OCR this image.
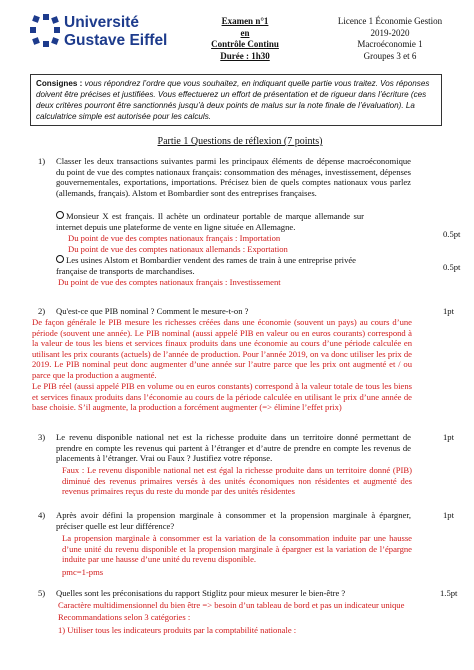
Université
Gustave Eiffel
Examen n°1
en
Contrôle Continu
Durée : 1h30
Licence 1 Économie Gestion
2019-2020
Macroéconomie 1
Groupes 3 et 6
Consignes : vous répondrez l’ordre que vous souhaitez, en indiquant quelle partie vous traitez. Vos réponses doivent être précises et justifiées. Vous effectuerez un effort de présentation et de rigueur dans l’écriture (ces deux critères pourront être sanctionnés jusqu’à deux points de malus sur la note finale de l’évaluation). La calculatrice simple est autorisée pour les calculs.
Partie 1 Questions de réflexion (7 points)
1) Classer les deux transactions suivantes parmi les principaux éléments de dépense macroéconomique du point de vue des comptes nationaux français: consommation des ménages, investissement, dépenses gouvernementales, exportations, importations. Précisez bien de quels comptes nationaux vous parlez (allemands, français). Alstom et Bombardier sont des entreprises françaises.
Monsieur X est français. Il achète un ordinateur portable de marque allemande sur internet depuis une plateforme de vente en ligne située en Allemagne.
0.5pt
Du point de vue des comptes nationaux français : Importation
Du point de vue des comptes nationaux allemands : Exportation
Les usines Alstom et Bombardier vendent des rames de train à une entreprise privée française de transports de marchandises.	0.5pt
Du point de vue des comptes nationaux français : Investissement
2) Qu'est-ce que PIB nominal ? Comment le mesure-t-on ?	1pt
De façon générale le PIB mesure les richesses créées dans une économie (souvent un pays) au cours d’une période (souvent une année). Le PIB nominal (aussi appelé PIB en valeur ou en euros courants) correspond à la valeur de tous les biens et services finaux produits dans une économie au cours d’une période calculée en utilisant les prix courants (actuels) de l’année de production. Pour l’année 2019, on va donc utiliser les prix de 2019. Le PIB nominal peut donc augmenter d’une année sur l’autre parce que les prix ont augmenté et / ou parce que la production a augmenté.
Le PIB réel (aussi appelé PIB en volume ou en euros constants) correspond à la valeur totale de tous les biens et services finaux produits dans l’économie au cours de la période calculée en utilisant le prix d’une année de base choisie. S’il augmente, la production a forcément augmenter (=> élimine l’effet prix)
3) Le revenu disponible national net est la richesse produite dans un territoire donné permettant de prendre en compte les revenus qui partent à l’étranger et d’autre de prendre en compte les revenus de placements à l’étranger. Vrai ou Faux ? Justifiez votre réponse.
1pt
Faux : Le revenu disponible national net est égal la richesse produite dans un territoire donné (PIB) diminué des revenus primaires versés à des unités économiques non résidentes et augmenté des revenus primaires reçus du reste du monde par des unités résidentes
4) Après avoir défini la propension marginale à consommer et la propension marginale à épargner, préciser quelle est leur différence?
1pt
La propension marginale à consommer est la variation de la consommation induite par une hausse d’une unité du revenu disponible et la propension marginale à épargner est la variation de l’épargne induite par une hausse d’une unité du revenu disponible.
pmc=1-pms
5) Quelles sont les préconisations du rapport Stiglitz pour mieux mesurer le bien-être ?	1.5pt
Caractère multidimensionnel du bien être => besoin d’un tableau de bord et pas un indicateur unique
Recommandations selon 3 catégories :
1) Utiliser tous les indicateurs produits par la comptabilité nationale :
